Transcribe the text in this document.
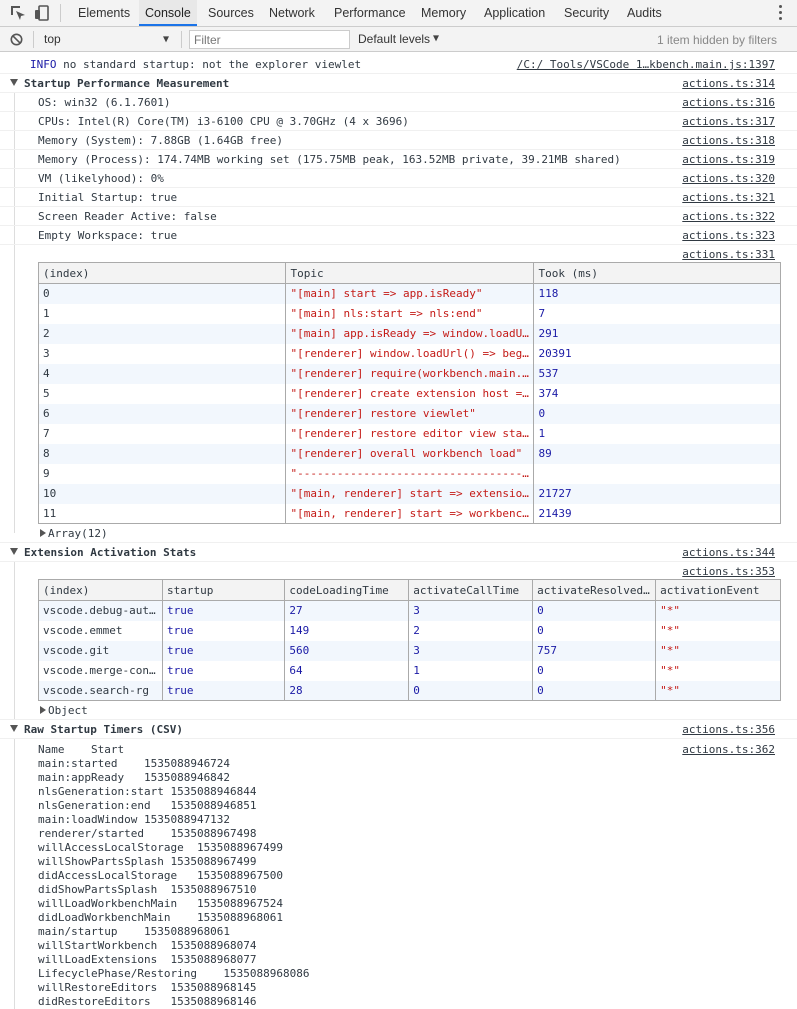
Elements	Console	Sources Network Performance Memory Application Security Audits
top	▼	Filter	Default levels ▼	1 item hidden by filters
INFO no standard startup: not the explorer viewlet	/C:/ Tools/VSCode 1…kbench.main.js:1397
Startup Performance Measurement	actions.ts:314
OS: win32 (6.1.7601)	actions.ts:316
CPUs: Intel(R) Core(TM) i3-6100 CPU @ 3.70GHz (4 x 3696)	actions.ts:317
Memory (System): 7.88GB (1.64GB free)	actions.ts:318
Memory (Process): 174.74MB working set (175.75MB peak, 163.52MB private, 39.21MB shared)	actions.ts:319
VM (likelyhood): 0%	actions.ts:320
Initial Startup: true	actions.ts:321
Screen Reader Active: false	actions.ts:322
Empty Workspace: true	actions.ts:323
actions.ts:331
(index)	Topic	Took (ms)
0	"[main] start => app.isReady"	118
1	"[main] nls:start => nls:end"	7
2	"[main] app.isReady => window.loadU…	291
3	"[renderer] window.loadUrl() => beg…	20391
4	"[renderer] require(workbench.main.…	537
5	"[renderer] create extension host =…	374
6	"[renderer] restore viewlet"	0
7	"[renderer] restore editor view sta…	1
8	"[renderer] overall workbench load"	89
9	"----------------------------------…	
10	"[main, renderer] start => extensio…	21727
11	"[main, renderer] start => workbenc…	21439
Array(12)
Extension Activation Stats	actions.ts:344
actions.ts:353
(index)	startup	codeLoadingTime	activateCallTime	activateResolved…	activationEvent
vscode.debug-aut…	true	27	3	0	"*"
vscode.emmet	true	149	2	0	"*"
vscode.git	true	560	3	757	"*"
vscode.merge-con…	true	64	1	0	"*"
vscode.search-rg	true	28	0	0	"*"
Object
Raw Startup Timers (CSV)	actions.ts:356
Name    Start
main:started    1535088946724
main:appReady   1535088946842
nlsGeneration:start 1535088946844
nlsGeneration:end   1535088946851
main:loadWindow 1535088947132
renderer/started    1535088967498
willAccessLocalStorage  1535088967499
willShowPartsSplash 1535088967499
didAccessLocalStorage   1535088967500
didShowPartsSplash  1535088967510
willLoadWorkbenchMain   1535088967524
didLoadWorkbenchMain    1535088968061
main/startup    1535088968061
willStartWorkbench  1535088968074
willLoadExtensions  1535088968077
LifecyclePhase/Restoring    1535088968086
willRestoreEditors  1535088968145
didRestoreEditors   1535088968146
actions.ts:362
